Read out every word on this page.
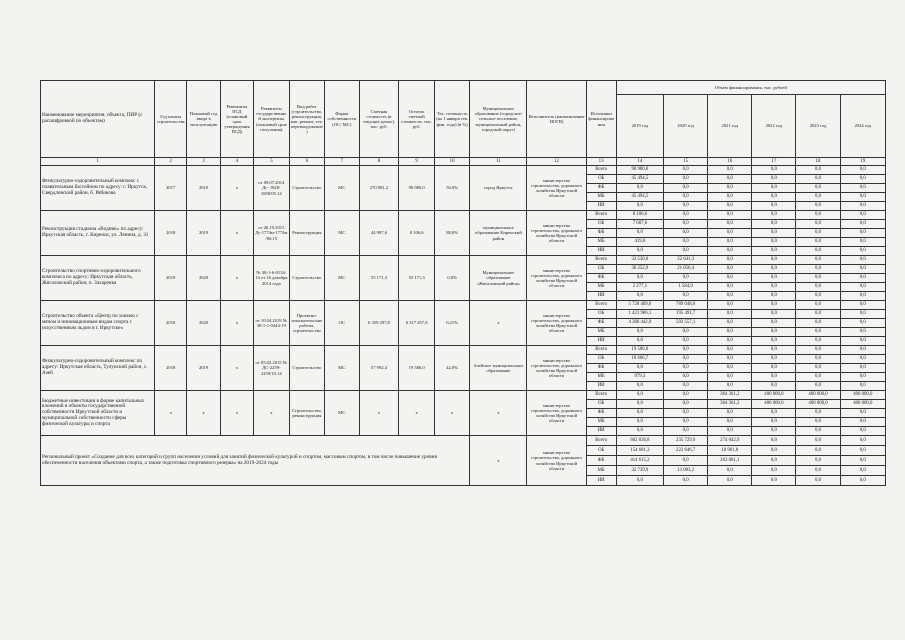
Наименование мероприятия, объекта, ПИР (с расшифровкой по объектам)	Год начала строительства	Плановый год ввода в эксплуатацию	Реквизиты ПСД (плановый срок утверждения ПСД)	Реквизиты государственной экспертизы (плановый срок получения)	Вид работ (строительство, реконструкция, кап. ремонт, тех. перевооружение)	Форма собственности (ОС/ МС)	Сметная стоимость (в текущих ценах), тыс. руб.	Остаток сметной стоимости, тыс. руб.	Тех. готовность (на 1 января тек. фин. года) (в %)	Муниципальное образование (городское/сельское поселение, муниципальный район, городской округ)	Исполнитель (наименование ИОГВ)	Источники финансирования	Объем финансирования, тыс. рублей					
													2019 год	2020 год	2021 год	2022 год	2023 год	2024 год
1	2	3	4	5	6	7	8	9	10	11	12	13	14	15	16	17	18	19
Физкультурно-оздоровительный комплекс с плавательным бассейном по адресу: г. Иркутск, Свердловский район, б. Рябикова	2017	2019	х	от 09.07.2014 Дг- 1828-1858/05.14	Строительство	МС	270 981,2	90 980,0	50,0%	город Иркутск	министерство строительства, дорожного хозяйства Иркутской области	Всего	90 980,0	0,0	0,0	0,0	0,0	0,0
												ОБ	45 494,5	0,0	0,0	0,0	0,0	0,0
												ФБ	0,0	0,0	0,0	0,0	0,0	0,0
												МБ	45 494,5	0,0	0,0	0,0	0,0	0,0
												ИИ	0,0	0,0	0,0	0,0	0,0	0,0
Реконструкция стадиона «Водник» по адресу: Иркутская область, г. Киренск, ул. Ленина, д. 31	2018	2019	х	от 26.10.2015 Дг-1774м-1774м/06.15	Реконструкция	МС	44 997,6	8 106,6	88,0%	муниципальное образование Киренский район	министерство строительства, дорожного хозяйства Иркутской области	Всего	8 106,6	0,0	0,0	0,0	0,0	0,0
												ОБ	7 687,6	0,0	0,0	0,0	0,0	0,0
												ФБ	0,0	0,0	0,0	0,0	0,0	0,0
												МБ	419,0	0,0	0,0	0,0	0,0	0,0
												ИИ	0,0	0,0	0,0	0,0	0,0	0,0
Строительство спортивно-оздоровительного комплекса по адресу: Иркутская область, Жигаловский район, п. Захаренка	2019	2020	х	№ 38-1-6-0134-14 от 16 декабря 2014 года	Строительство	МС	55 171,3	55 171,3	0,0%	Муниципальное образование «Жигаловский район»	министерство строительства, дорожного хозяйства Иркутской области	Всего	32 530,0	22 641,3	0,0	0,0	0,0	0,0
												ОБ	30 252,9	21 056,4	0,0	0,0	0,0	0,0
												ФБ	0,0	0,0	0,0	0,0	0,0	0,0
												МБ	2 277,1	1 584,9	0,0	0,0	0,0	0,0
												ИИ	0,0	0,0	0,0	0,0	0,0	0,0
Строительство объекта «Центр по хоккею с мячом и инновационным видам спорта с искусственным льдом в г. Иркутске»	2018	2020	х	от 10.04.2019 № 38-1-1-0444-19	Проектно-изыскательские работы, строительство	ОС	6 359 297,8	6 317 457,8	0,21%	х	министерство строительства, дорожного хозяйства Иркутской области	Всего	5 728 409,0	789 048,8	0,0	0,0	0,0	0,0
												ОБ	1 421 966,1	195 491,7	0,0	0,0	0,0	0,0
												ФБ	4 306 442,9	593 557,1	0,0	0,0	0,0	0,0
												МБ	0,0	0,0	0,0	0,0	0,0	0,0
												ИИ	0,0	0,0	0,0	0,0	0,0	0,0
Физкультурно-оздоровительный комплекс по адресу: Иркутская область, Тулунский район, с. Азей	2018	2019	х	от 05.02.2015 № ДС-2259-2259/10.14	Строительство	МС	57 992,4	19 586,0	42,0%	Азейское муниципальное образование	министерство строительства, дорожного хозяйства Иркутской области	Всего	19 586,0	0,0	0,0	0,0	0,0	0,0
												ОБ	18 606,7	0,0	0,0	0,0	0,0	0,0
												ФБ	0,0	0,0	0,0	0,0	0,0	0,0
												МБ	979,3	0,0	0,0	0,0	0,0	0,0
												ИИ	0,0	0,0	0,0	0,0	0,0	0,0
Бюджетные инвестиции в форме капитальных вложений в объекты государственной собственности Иркутской области и муниципальной собственности сферы физической культуры и спорта	х	х	х	х	Строительство, реконструкция	МС	х	х	х	х	министерство строительства, дорожного хозяйства Иркутской области	Всего	0,0	0,0	364 361,2	400 000,0	400 000,0	400 000,0
												ОБ	0,0	0,0	364 361,2	400 000,0	400 000,0	400 000,0
												ФБ	0,0	0,0	0,0	0,0	0,0	0,0
												МБ	0,0	0,0	0,0	0,0	0,0	0,0
												ИИ	0,0	0,0	0,0	0,0	0,0	0,0
Региональный проект «Создание для всех категорий и групп населения условий для занятий физической культурой и спортом, массовым спортом, в том числе повышение уровня обеспеченности населения объектами спорта, а также подготовка спортивного резерва» на 2019-2024 годы										х	министерство строительства, дорожного хозяйства Иркутской области	Всего	602 036,8	235 729,9	274 042,9	0,0	0,0	0,0
												ОБ	154 681,3	222 646,7	10 961,8	0,0	0,0	0,0
												ФБ	414 615,2	0,0	263 081,1	0,0	0,0	0,0
												МБ	32 739,9	13 083,2	0,0	0,0	0,0	0,0
												ИИ	0,0	0,0	0,0	0,0	0,0	0,0
